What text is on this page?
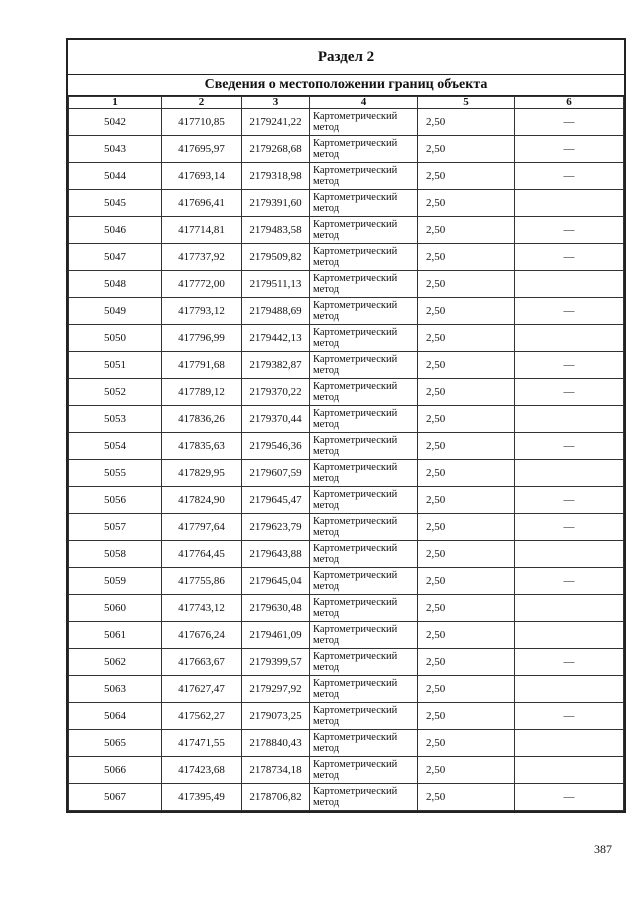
Раздел 2
Сведения о местоположении границ объекта
1	2	3	4	5	6
5042	417710,85	2179241,22	Картометрический метод	2,50	—
5043	417695,97	2179268,68	Картометрический метод	2,50	—
5044	417693,14	2179318,98	Картометрический метод	2,50	—
5045	417696,41	2179391,60	Картометрический метод	2,50	
5046	417714,81	2179483,58	Картометрический метод	2,50	—
5047	417737,92	2179509,82	Картометрический метод	2,50	—
5048	417772,00	2179511,13	Картометрический метод	2,50	
5049	417793,12	2179488,69	Картометрический метод	2,50	—
5050	417796,99	2179442,13	Картометрический метод	2,50	
5051	417791,68	2179382,87	Картометрический метод	2,50	—
5052	417789,12	2179370,22	Картометрический метод	2,50	—
5053	417836,26	2179370,44	Картометрический метод	2,50	
5054	417835,63	2179546,36	Картометрический метод	2,50	—
5055	417829,95	2179607,59	Картометрический метод	2,50	
5056	417824,90	2179645,47	Картометрический метод	2,50	—
5057	417797,64	2179623,79	Картометрический метод	2,50	—
5058	417764,45	2179643,88	Картометрический метод	2,50	
5059	417755,86	2179645,04	Картометрический метод	2,50	—
5060	417743,12	2179630,48	Картометрический метод	2,50	
5061	417676,24	2179461,09	Картометрический метод	2,50	
5062	417663,67	2179399,57	Картометрический метод	2,50	—
5063	417627,47	2179297,92	Картометрический метод	2,50	
5064	417562,27	2179073,25	Картометрический метод	2,50	—
5065	417471,55	2178840,43	Картометрический метод	2,50	
5066	417423,68	2178734,18	Картометрический метод	2,50	
5067	417395,49	2178706,82	Картометрический метод	2,50	—
387
